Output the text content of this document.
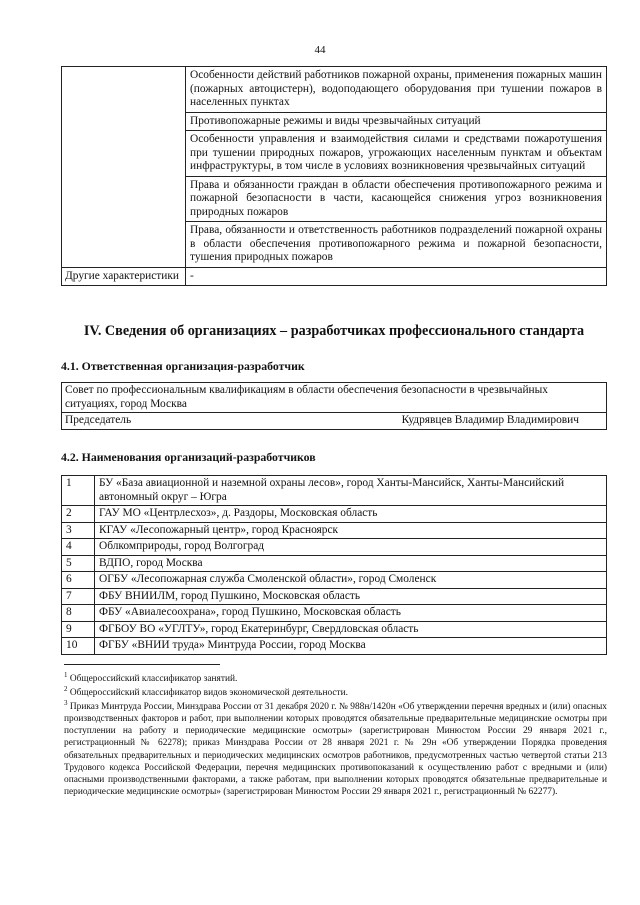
44
	Особенности действий работников пожарной охраны, применения пожарных машин (пожарных автоцистерн), водоподающего оборудования при тушении пожаров в населенных пунктах
	Противопожарные режимы и виды чрезвычайных ситуаций
	Особенности управления и взаимодействия силами и средствами пожаротушения при тушении природных пожаров, угрожающих населенным пунктам и объектам инфраструктуры, в том числе в условиях возникновения чрезвычайных ситуаций
	Права и обязанности граждан в области обеспечения противопожарного режима и пожарной безопасности в части, касающейся снижения угроз возникновения природных пожаров
	Права, обязанности и ответственность работников подразделений пожарной охраны в области обеспечения противопожарного режима и пожарной безопасности, тушения природных пожаров
Другие характеристики	-
IV. Сведения об организациях – разработчиках профессионального стандарта
4.1. Ответственная организация-разработчик
Совет по профессиональным квалификациям в области обеспечения безопасности в чрезвычайных ситуациях, город Москва

Председатель	Кудрявцев Владимир Владимирович
4.2. Наименования организаций-разработчиков
1	БУ «База авиационной и наземной охраны лесов», город Ханты-Мансийск, Ханты-Мансийский автономный округ – Югра
2	ГАУ МО «Центрлесхоз», д. Раздоры, Московская область
3	КГАУ «Лесопожарный центр», город Красноярск
4	Облкомприроды, город Волгоград
5	ВДПО, город Москва
6	ОГБУ «Лесопожарная служба Смоленской области», город Смоленск
7	ФБУ ВНИИЛМ, город Пушкино, Московская область
8	ФБУ «Авиалесоохрана», город Пушкино, Московская область
9	ФГБОУ ВО «УГЛТУ», город Екатеринбург, Свердловская область
10	ФГБУ «ВНИИ труда» Минтруда России, город Москва

$^1$ Общероссийский классификатор занятий.

$^2$ Общероссийский классификатор видов экономической деятельности.

$^3$ Приказ Минтруда России, Минздрава России от 31 декабря 2020 г. № 988н/1420н «Об утверждении перечня вредных и (или) опасных производственных факторов и работ, при выполнении которых проводятся обязательные предварительные медицинские осмотры при поступлении на работу и периодические медицинские осмотры» (зарегистрирован Минюстом России 29 января 2021 г., регистрационный № 62278); приказ Минздрава России от 28 января 2021 г. № 29н «Об утверждении Порядка проведения обязательных предварительных и периодических медицинских осмотров работников, предусмотренных частью четвертой статьи 213 Трудового кодекса Российской Федерации, перечня медицинских противопоказаний к осуществлению работ с вредными и (или) опасными производственными факторами, а также работам, при выполнении которых проводятся обязательные предварительные и периодические медицинские осмотры» (зарегистрирован Минюстом России 29 января 2021 г., регистрационный № 62277).
